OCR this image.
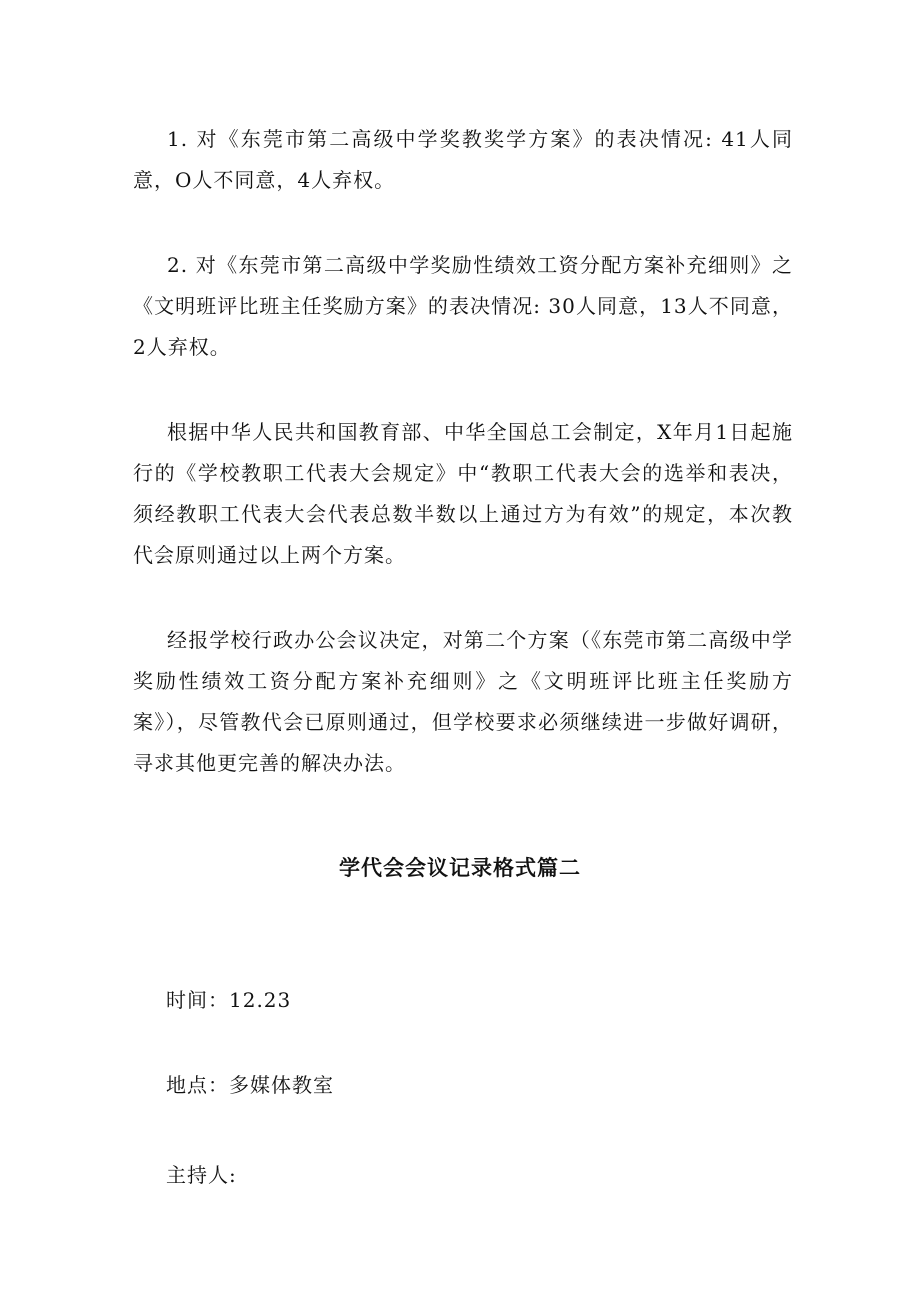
1. 对《东莞市第二高级中学奖教奖学方案》的表决情况: 41人同意，O人不同意，4人弃权。

2. 对《东莞市第二高级中学奖励性绩效工资分配方案补充细则》之《文明班评比班主任奖励方案》的表决情况: 30人同意，13人不同意，2人弃权。

根据中华人民共和国教育部、中华全国总工会制定，X年月1日起施行的《学校教职工代表大会规定》中“教职工代表大会的选举和表决，须经教职工代表大会代表总数半数以上通过方为有效”的规定，本次教代会原则通过以上两个方案。

经报学校行政办公会议决定，对第二个方案（《东莞市第二高级中学奖励性绩效工资分配方案补充细则》之《文明班评比班主任奖励方案》），尽管教代会已原则通过，但学校要求必须继续进一步做好调研，寻求其他更完善的解决办法。

学代会会议记录格式篇二

时间：12.23

地点：多媒体教室

主持人:
